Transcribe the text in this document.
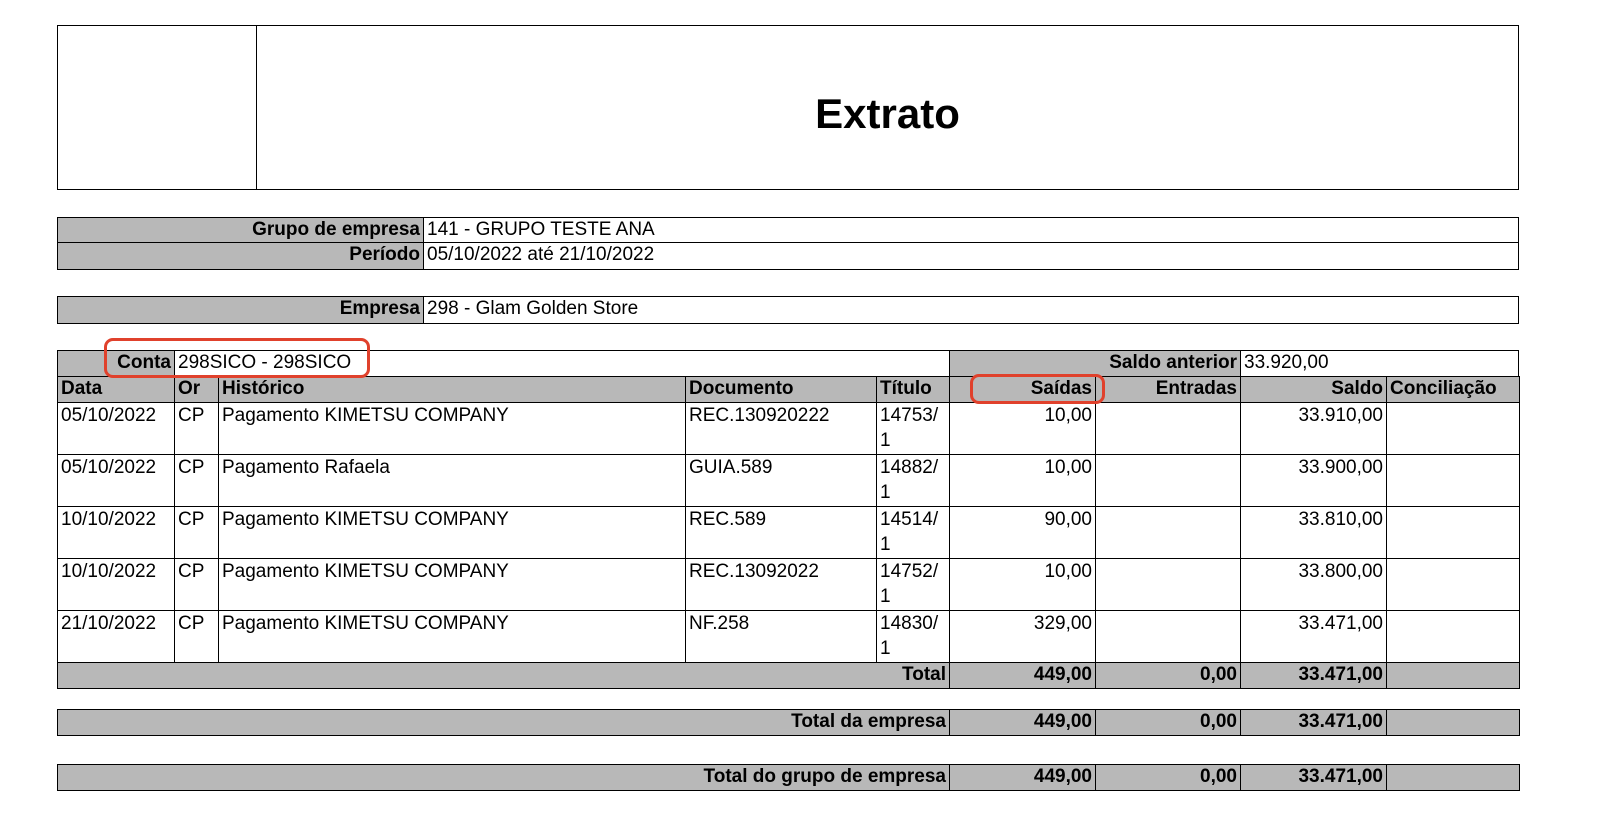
Extrato
Grupo de empresa 141 - GRUPO TESTE ANA
Período 05/10/2022 até 21/10/2022
Empresa 298 - Glam Golden Store
Conta 298SICO - 298SICO	Saldo anterior 33.920,00
Data	Or	Histórico	Documento	Título	Saídas	Entradas	Saldo	Conciliação
05/10/2022	CP	Pagamento KIMETSU COMPANY	REC.130920222	14753/1	10,00		33.910,00	
05/10/2022	CP	Pagamento Rafaela	GUIA.589	14882/1	10,00		33.900,00	
10/10/2022	CP	Pagamento KIMETSU COMPANY	REC.589	14514/1	90,00		33.810,00	
10/10/2022	CP	Pagamento KIMETSU COMPANY	REC.13092022	14752/1	10,00		33.800,00	
21/10/2022	CP	Pagamento KIMETSU COMPANY	NF.258	14830/1	329,00		33.471,00	
Total					449,00	0,00	33.471,00	
Total da empresa	449,00	0,00	33.471,00	
Total do grupo de empresa	449,00	0,00	33.471,00	
